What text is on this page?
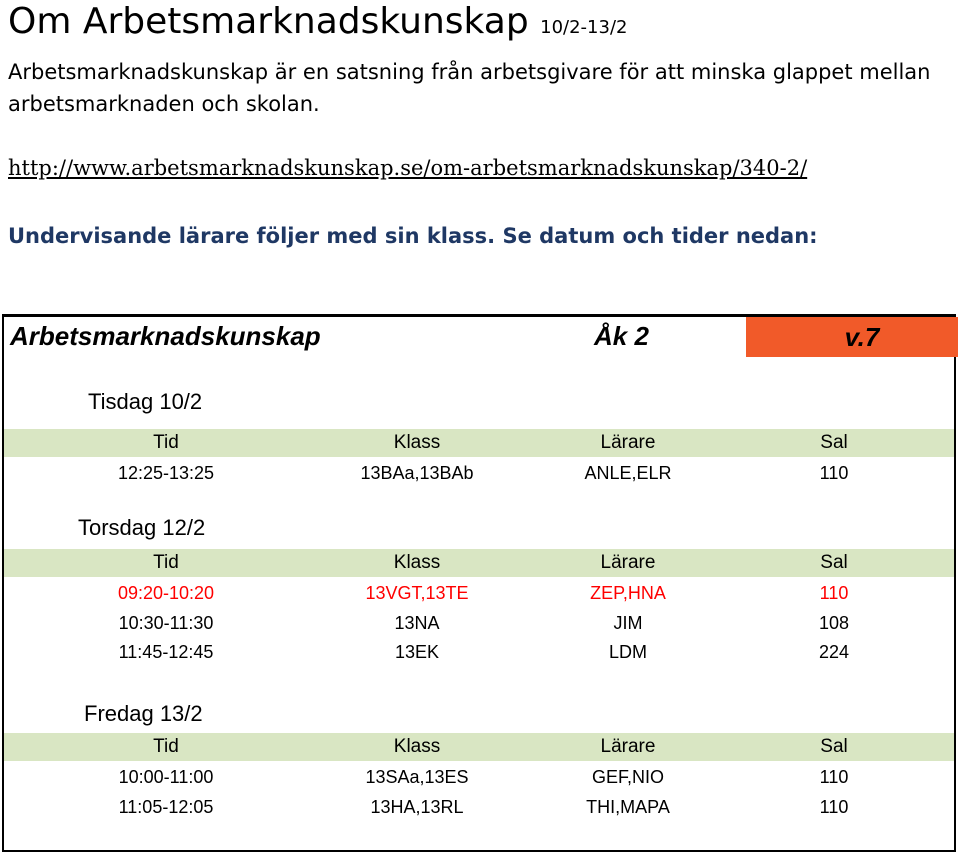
Om Arbetsmarknadskunskap 10/2-13/2
Arbetsmarknadskunskap är en satsning från arbetsgivare för att minska glappet mellan arbetsmarknaden och skolan.
http://www.arbetsmarknadskunskap.se/om-arbetsmarknadskunskap/340-2/
Undervisande lärare följer med sin klass. Se datum och tider nedan:
Arbetsmarknadskunskap	Åk 2	v.7
Tisdag 10/2
Tid	Klass	Lärare	Sal
12:25-13:25	13BAa,13BAb	ANLE,ELR	110
Torsdag 12/2
Tid	Klass	Lärare	Sal
09:20-10:20	13VGT,13TE	ZEP,HNA	110
10:30-11:30	13NA	JIM	108
11:45-12:45	13EK	LDM	224
Fredag 13/2
Tid	Klass	Lärare	Sal
10:00-11:00	13SAa,13ES	GEF,NIO	110
11:05-12:05	13HA,13RL	THI,MAPA	110
